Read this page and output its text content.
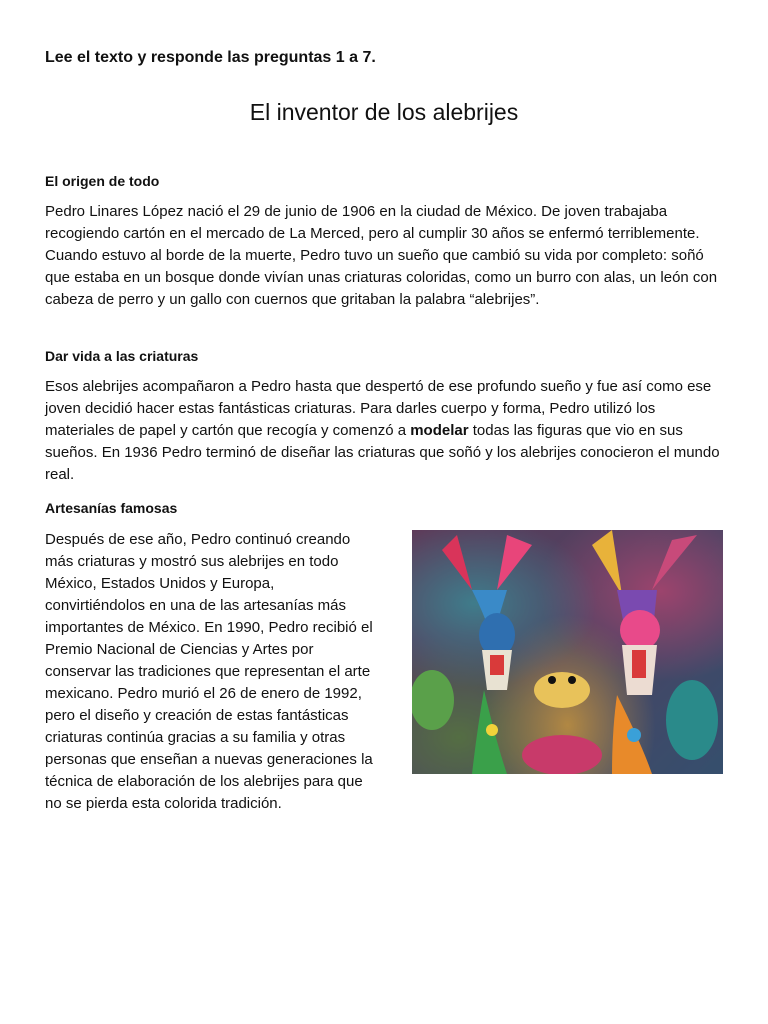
Lee el texto y responde las preguntas 1 a 7.
El inventor de los alebrijes
El origen de todo

Pedro Linares López nació el 29 de junio de 1906 en la ciudad de México. De joven trabajaba recogiendo cartón en el mercado de La Merced, pero al cumplir 30 años se enfermó terriblemente. Cuando estuvo al borde de la muerte, Pedro tuvo un sueño que cambió su vida por completo: soñó que estaba en un bosque donde vivían unas criaturas coloridas, como un burro con alas, un león con cabeza de perro y un gallo con cuernos que gritaban la palabra “alebrijes”.

Dar vida a las criaturas

Esos alebrijes acompañaron a Pedro hasta que despertó de ese profundo sueño y fue así como ese joven decidió hacer estas fantásticas criaturas. Para darles cuerpo y forma, Pedro utilizó los materiales de papel y cartón que recogía y comenzó a modelar todas las figuras que vio en sus sueños. En 1936 Pedro terminó de diseñar las criaturas que soñó y los alebrijes conocieron el mundo real.

Artesanías famosas

Después de ese año, Pedro continuó creando más criaturas y mostró sus alebrijes en todo México, Estados Unidos y Europa, convirtiéndolos en una de las artesanías más importantes de México. En 1990, Pedro recibió el Premio Nacional de Ciencias y Artes por conservar las tradiciones que representan el arte mexicano. Pedro murió el 26 de enero de 1992, pero el diseño y creación de estas fantásticas criaturas continúa gracias a su familia y otras personas que enseñan a nuevas generaciones la técnica de elaboración de los alebrijes para que no se pierda esta colorida tradición.
